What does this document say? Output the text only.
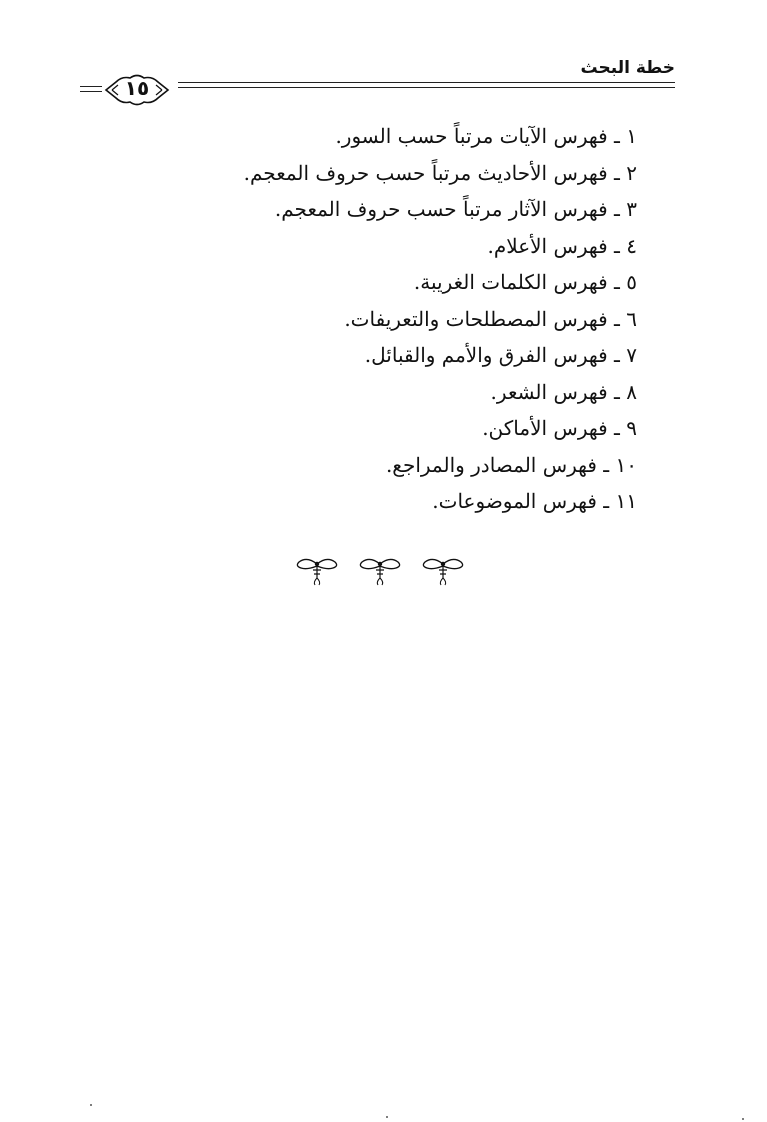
خطة البحث
١٥
١ ـ فهرس الآيات مرتباً حسب السور.
٢ ـ فهرس الأحاديث مرتباً حسب حروف المعجم.
٣ ـ فهرس الآثار مرتباً حسب حروف المعجم.
٤ ـ فهرس الأعلام.
٥ ـ فهرس الكلمات الغريبة.
٦ ـ فهرس المصطلحات والتعريفات.
٧ ـ فهرس الفرق والأمم والقبائل.
٨ ـ فهرس الشعر.
٩ ـ فهرس الأماكن.
١٠ ـ فهرس المصادر والمراجع.
١١ ـ فهرس الموضوعات.
